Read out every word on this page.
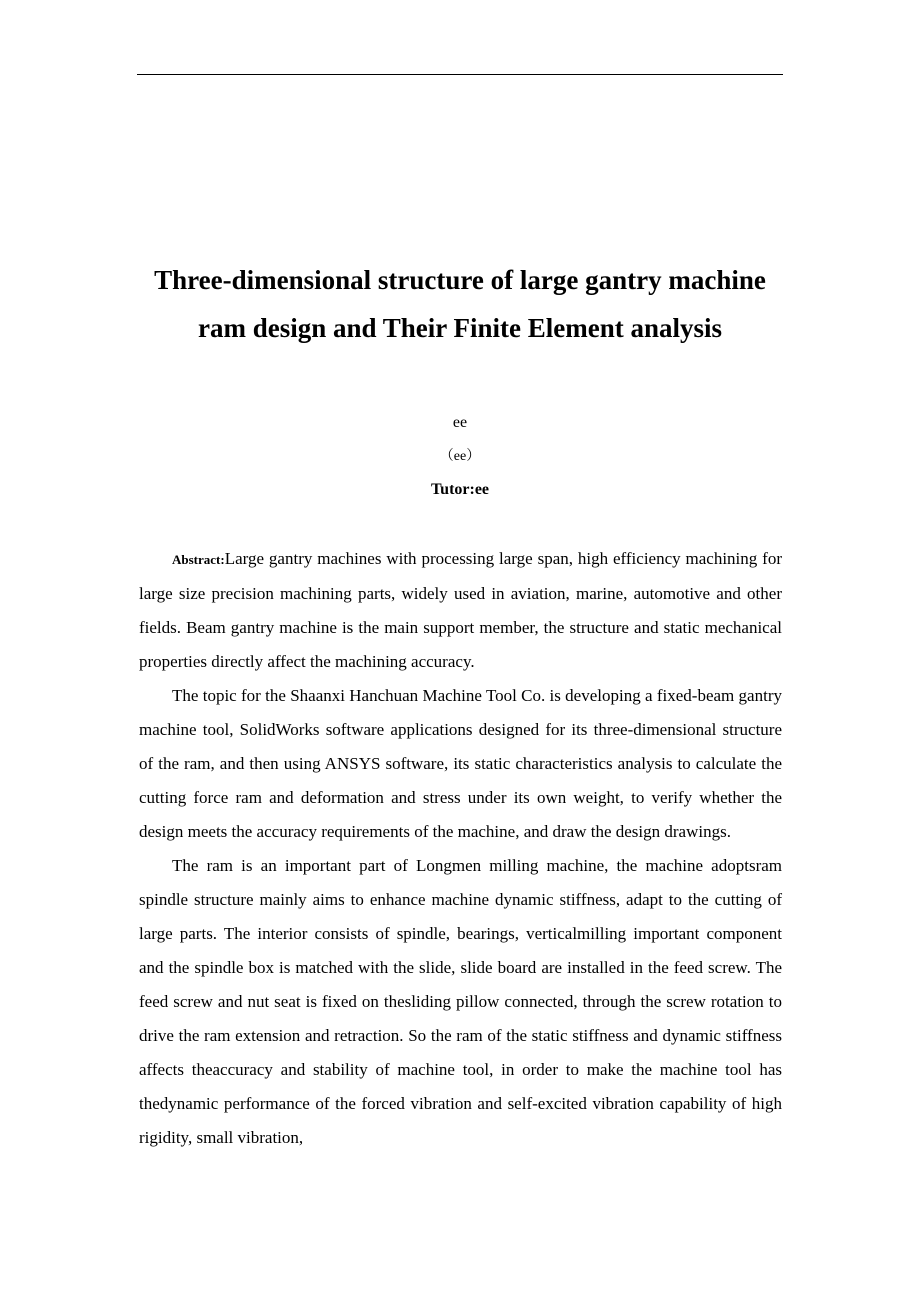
Three-dimensional structure of large gantry machine
ram design and Their Finite Element analysis
ee
（ee）
Tutor:ee

Abstract:Large gantry machines with processing large span, high efficiency machining for large size precision machining parts, widely used in aviation, marine, automotive and other fields. Beam gantry machine is the main support member, the structure and static mechanical properties directly affect the machining accuracy.

The topic for the Shaanxi Hanchuan Machine Tool Co. is developing a fixed-beam gantry machine tool, SolidWorks software applications designed for its three-dimensional structure of the ram, and then using ANSYS software, its static characteristics analysis to calculate the cutting force ram and deformation and stress under its own weight, to verify whether the design meets the accuracy requirements of the machine, and draw the design drawings.

The ram is an important part of Longmen milling machine, the machine adoptsram spindle structure mainly aims to enhance machine dynamic stiffness, adapt to the cutting of large parts. The interior consists of spindle, bearings, verticalmilling important component and the spindle box is matched with the slide, slide board are installed in the feed screw. The feed screw and nut seat is fixed on thesliding pillow connected, through the screw rotation to drive the ram extension and retraction. So the ram of the static stiffness and dynamic stiffness affects theaccuracy and stability of machine tool, in order to make the machine tool has thedynamic performance of the forced vibration and self-excited vibration capability of high rigidity, small vibration,
